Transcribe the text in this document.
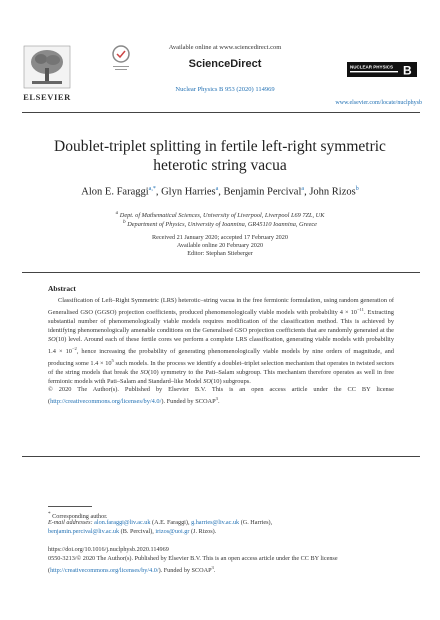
ELSEVIER
Available online at www.sciencedirect.com
ScienceDirect
Nuclear Physics B 953 (2020) 114969
NUCLEAR PHYSICS B
www.elsevier.com/locate/nuclphysb
Doublet-triplet splitting in fertile left-right symmetric
heterotic string vacua
Alon E. Faraggi$^{a,*}$, Glyn Harries$^a$, Benjamin Percival$^a$, John Rizos$^b$
$^a$ Dept. of Mathematical Sciences, University of Liverpool, Liverpool L69 7ZL, UK
$^b$ Department of Physics, University of Ioannina, GR45110 Ioannina, Greece
Received 21 January 2020; accepted 17 February 2020
Available online 20 February 2020
Editor: Stephan Stieberger
Abstract

Classification of Left–Right Symmetric (LRS) heterotic–string vacua in the free fermionic formulation, using random generation of Generalised GSO (GGSO) projection coefficients, produced phenomenologically viable models with probability $4 \times 10^{-11}$. Extracting substantial number of phenomenologically viable models requires modification of the classification method. This is achieved by identifying phenomenologically amenable conditions on the Generalised GSO projection coefficients that are randomly generated at the SO(10) level. Around each of these fertile cores we perform a complete LRS classification, generating viable models with probability $1.4 \times 10^{-2}$, hence increasing the probability of generating phenomenologically viable models by nine orders of magnitude, and producing some $1.4 \times 10^5$ such models. In the process we identify a doublet–triplet selection mechanism that operates in twisted sectors of the string models that break the SO(10) symmetry to the Pati–Salam subgroup. This mechanism therefore operates as well in free fermionic models with Pati–Salam and Standard–like Model SO(10) subgroups.

© 2020 The Author(s). Published by Elsevier B.V. This is an open access article under the CC BY license (http://creativecommons.org/licenses/by/4.0/). Funded by SCOAP$^3$.
* Corresponding author.
E-mail addresses: alon.faraggi@liv.ac.uk (A.E. Faraggi), g.harries@liv.ac.uk (G. Harries),
benjamin.percival@liv.ac.uk (B. Percival), irizos@uoi.gr (J. Rizos).
https://doi.org/10.1016/j.nuclphysb.2020.114969
0550-3213/© 2020 The Author(s). Published by Elsevier B.V. This is an open access article under the CC BY license
(http://creativecommons.org/licenses/by/4.0/). Funded by SCOAP$^3$.
